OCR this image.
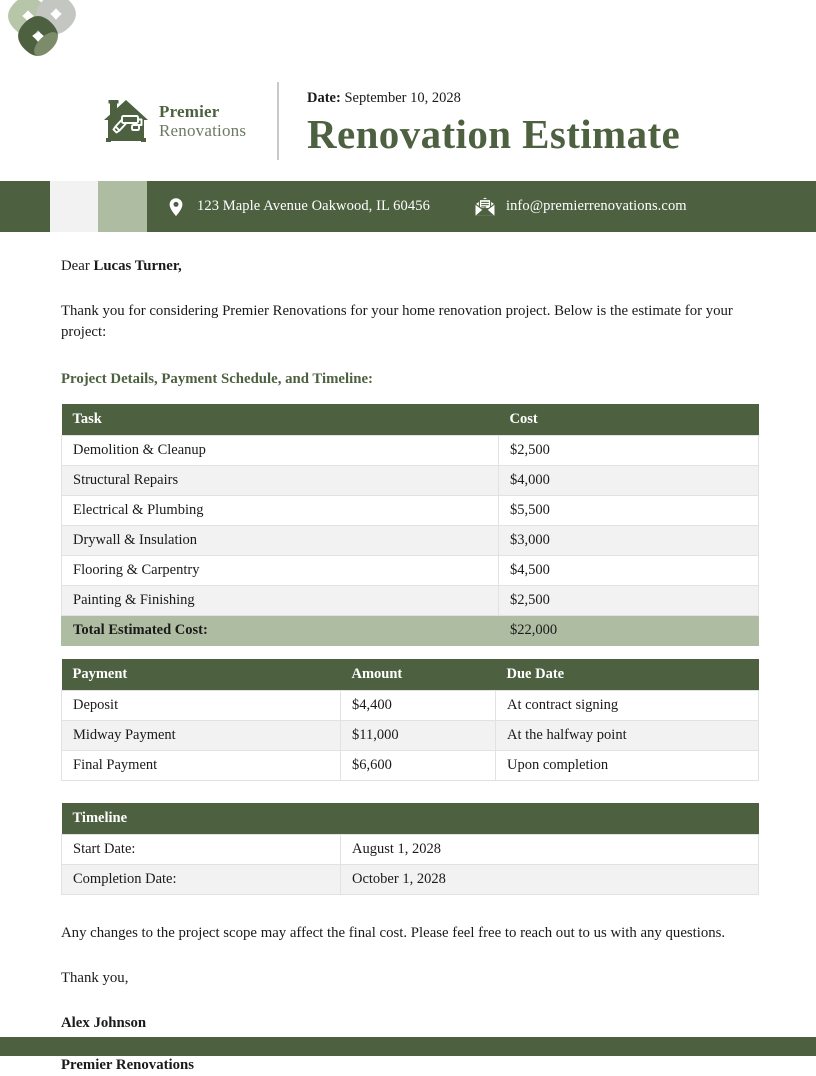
Premier
Renovations
Date: September 10, 2028
Renovation Estimate
123 Maple Avenue Oakwood, IL 60456	info@premierrenovations.com
Dear Lucas Turner,
Thank you for considering Premier Renovations for your home renovation project. Below is the estimate for your project:
Project Details, Payment Schedule, and Timeline:
Task	Cost
Demolition & Cleanup	$2,500
Structural Repairs	$4,000
Electrical & Plumbing	$5,500
Drywall & Insulation	$3,000
Flooring & Carpentry	$4,500
Painting & Finishing	$2,500
Total Estimated Cost:	$22,000
Payment	Amount	Due Date
Deposit	$4,400	At contract signing
Midway Payment	$11,000	At the halfway point
Final Payment	$6,600	Upon completion
Timeline	
Start Date:	August 1, 2028
Completion Date:	October 1, 2028
Any changes to the project scope may affect the final cost. Please feel free to reach out to us with any questions.
Thank you,
Alex Johnson
Premier Renovations
